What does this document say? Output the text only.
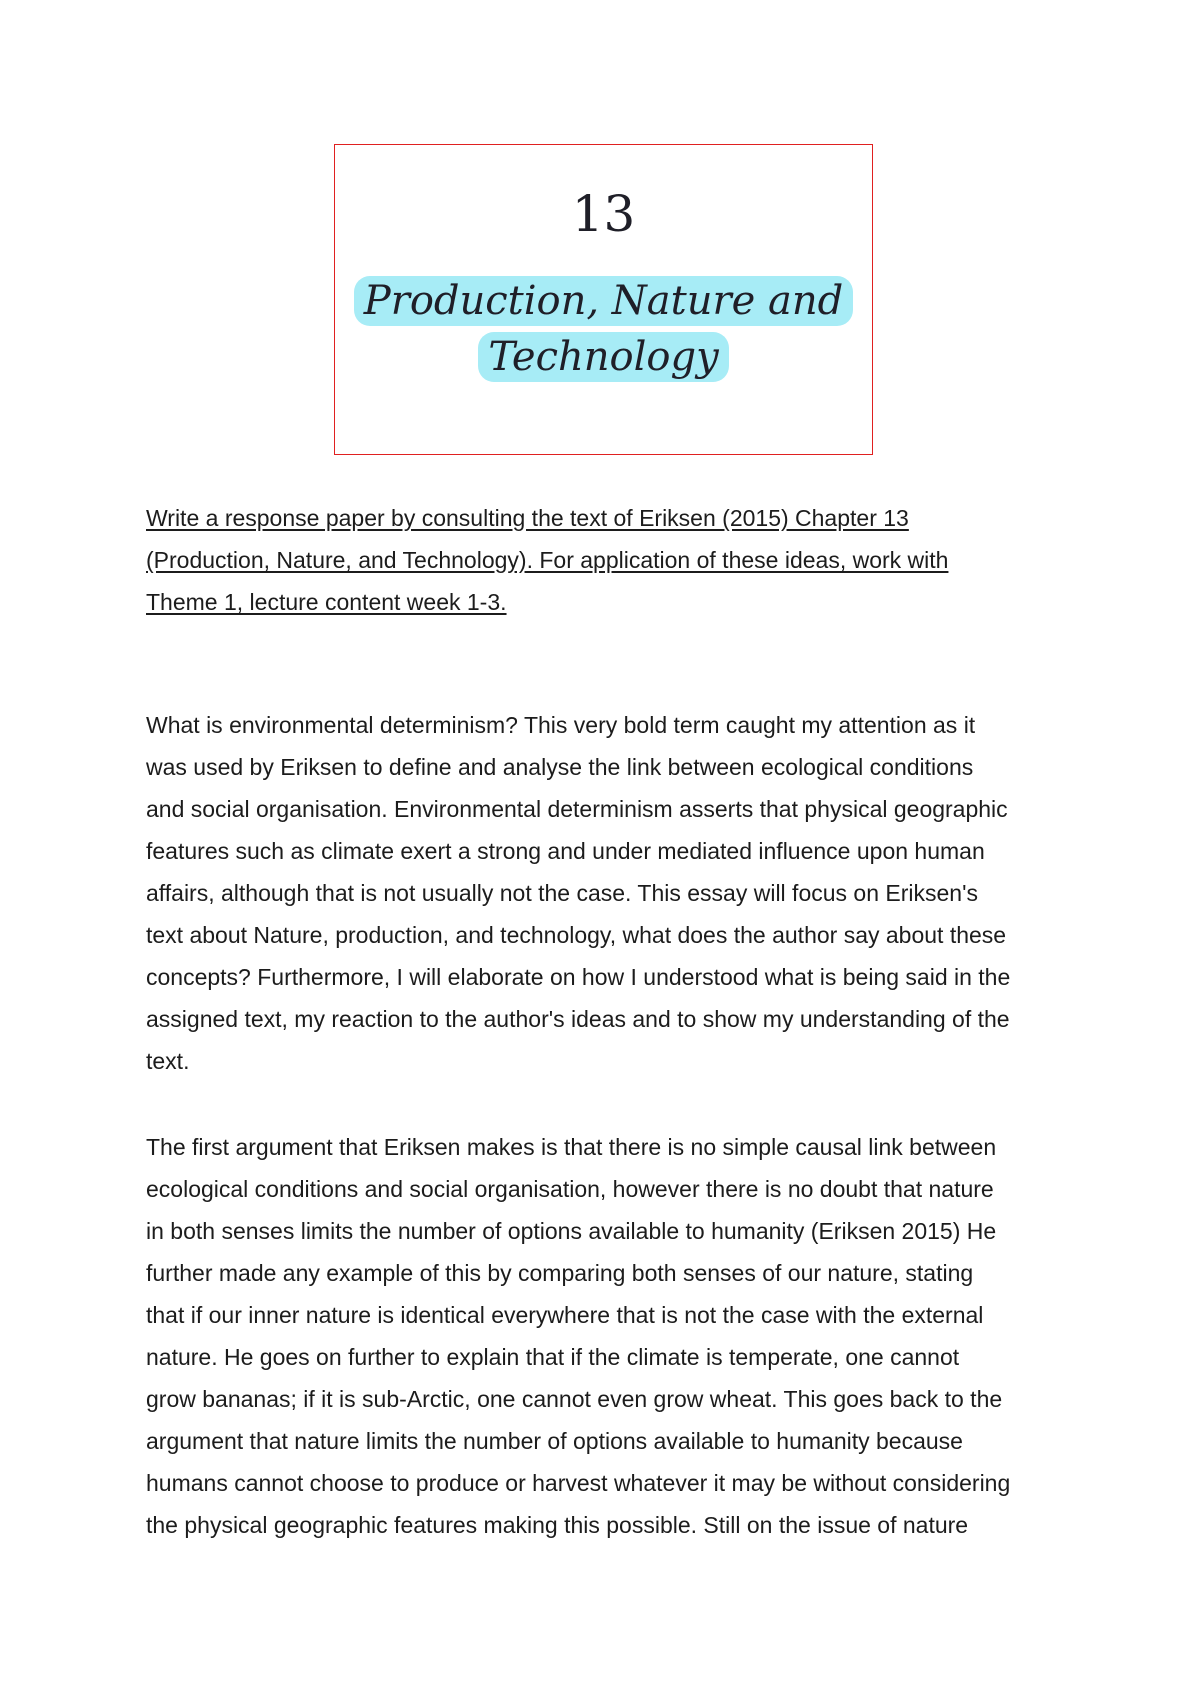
13
Production, Nature and
Technology
Write a response paper by consulting the text of Eriksen (2015) Chapter 13
(Production, Nature, and Technology). For application of these ideas, work with
Theme 1, lecture content week 1-3.
What is environmental determinism? This very bold term caught my attention as it
was used by Eriksen to define and analyse the link between ecological conditions
and social organisation. Environmental determinism asserts that physical geographic
features such as climate exert a strong and under mediated influence upon human
affairs, although that is not usually not the case. This essay will focus on Eriksen's
text about Nature, production, and technology, what does the author say about these
concepts? Furthermore, I will elaborate on how I understood what is being said in the
assigned text, my reaction to the author's ideas and to show my understanding of the
text.
The first argument that Eriksen makes is that there is no simple causal link between
ecological conditions and social organisation, however there is no doubt that nature
in both senses limits the number of options available to humanity (Eriksen 2015) He
further made any example of this by comparing both senses of our nature, stating
that if our inner nature is identical everywhere that is not the case with the external
nature. He goes on further to explain that if the climate is temperate, one cannot
grow bananas; if it is sub-Arctic, one cannot even grow wheat. This goes back to the
argument that nature limits the number of options available to humanity because
humans cannot choose to produce or harvest whatever it may be without considering
the physical geographic features making this possible. Still on the issue of nature
